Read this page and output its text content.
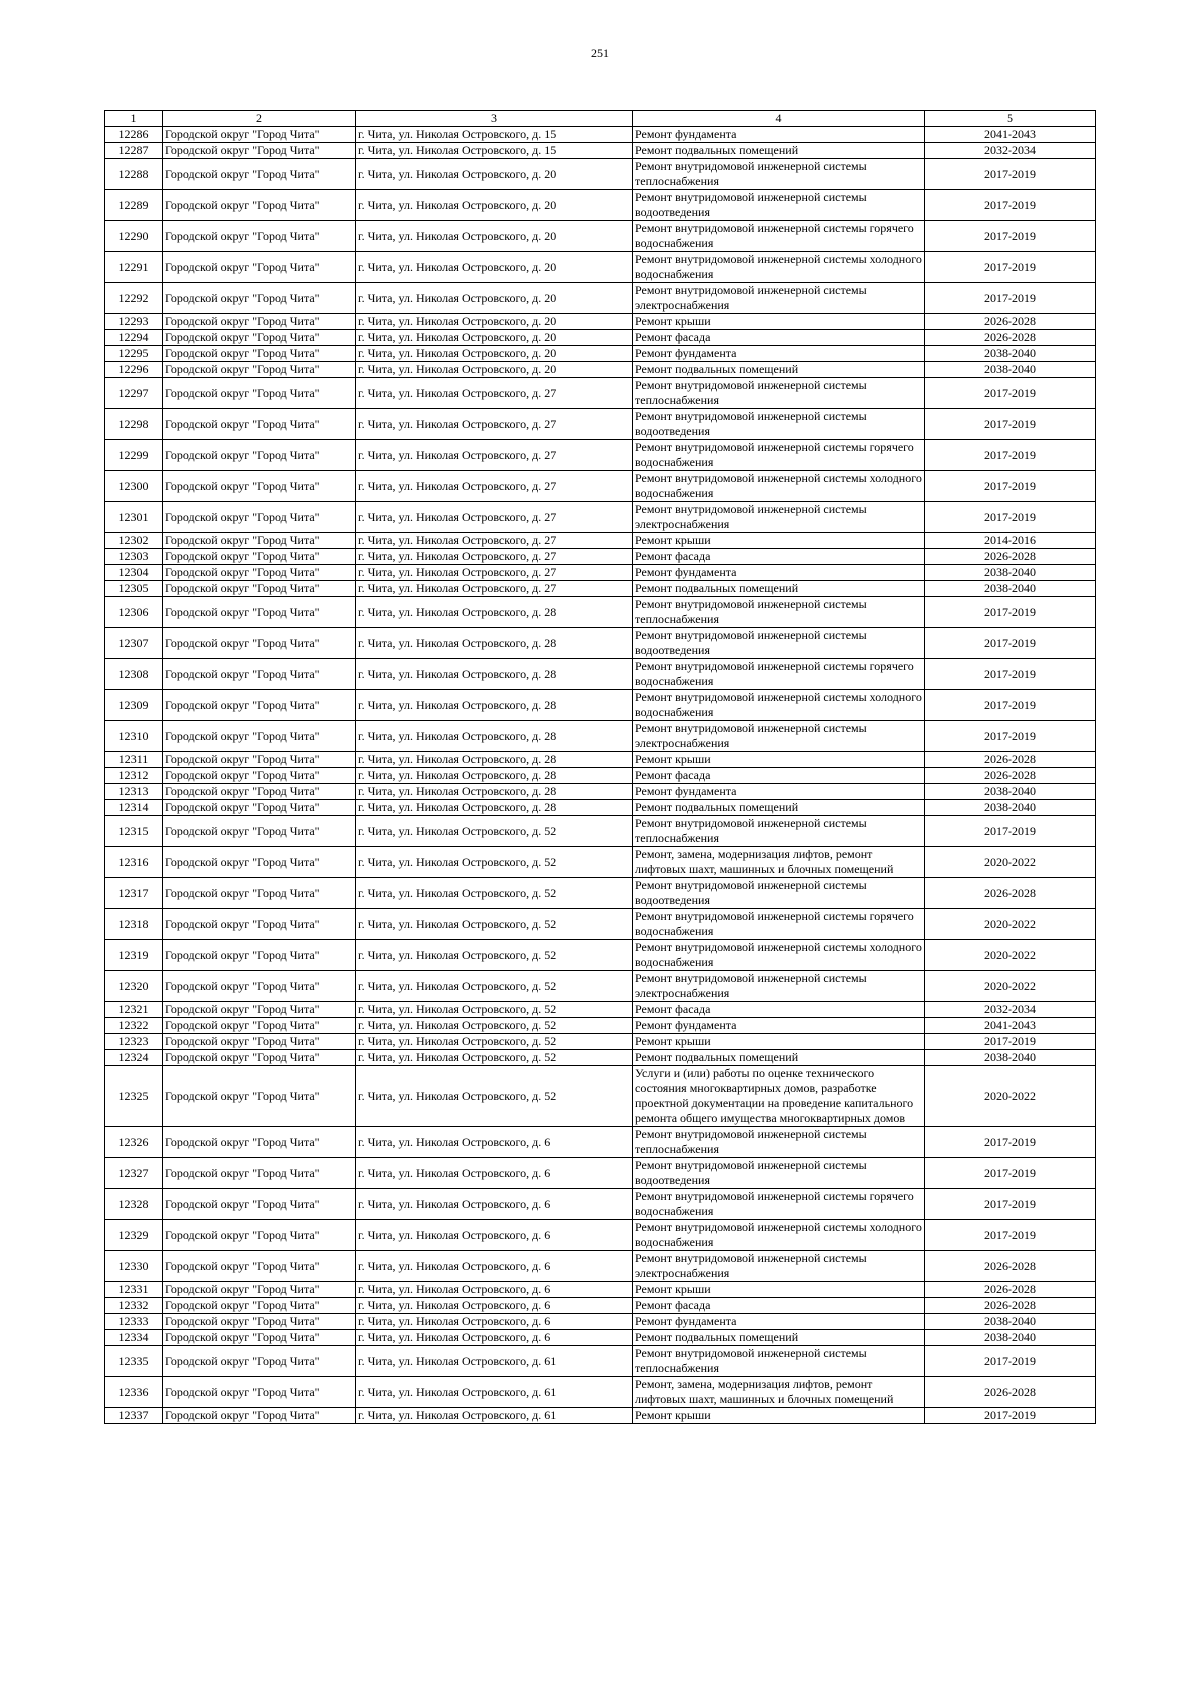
251
1	2	3	4	5
12286	Городской округ "Город Чита"	г. Чита, ул. Николая Островского, д. 15	Ремонт фундамента	2041-2043
12287	Городской округ "Город Чита"	г. Чита, ул. Николая Островского, д. 15	Ремонт подвальных помещений	2032-2034
12288	Городской округ "Город Чита"	г. Чита, ул. Николая Островского, д. 20	Ремонт внутридомовой инженерной системы теплоснабжения	2017-2019
12289	Городской округ "Город Чита"	г. Чита, ул. Николая Островского, д. 20	Ремонт внутридомовой инженерной системы водоотведения	2017-2019
12290	Городской округ "Город Чита"	г. Чита, ул. Николая Островского, д. 20	Ремонт внутридомовой инженерной системы горячего водоснабжения	2017-2019
12291	Городской округ "Город Чита"	г. Чита, ул. Николая Островского, д. 20	Ремонт внутридомовой инженерной системы холодного водоснабжения	2017-2019
12292	Городской округ "Город Чита"	г. Чита, ул. Николая Островского, д. 20	Ремонт внутридомовой инженерной системы электроснабжения	2017-2019
12293	Городской округ "Город Чита"	г. Чита, ул. Николая Островского, д. 20	Ремонт крыши	2026-2028
12294	Городской округ "Город Чита"	г. Чита, ул. Николая Островского, д. 20	Ремонт фасада	2026-2028
12295	Городской округ "Город Чита"	г. Чита, ул. Николая Островского, д. 20	Ремонт фундамента	2038-2040
12296	Городской округ "Город Чита"	г. Чита, ул. Николая Островского, д. 20	Ремонт подвальных помещений	2038-2040
12297	Городской округ "Город Чита"	г. Чита, ул. Николая Островского, д. 27	Ремонт внутридомовой инженерной системы теплоснабжения	2017-2019
12298	Городской округ "Город Чита"	г. Чита, ул. Николая Островского, д. 27	Ремонт внутридомовой инженерной системы водоотведения	2017-2019
12299	Городской округ "Город Чита"	г. Чита, ул. Николая Островского, д. 27	Ремонт внутридомовой инженерной системы горячего водоснабжения	2017-2019
12300	Городской округ "Город Чита"	г. Чита, ул. Николая Островского, д. 27	Ремонт внутридомовой инженерной системы холодного водоснабжения	2017-2019
12301	Городской округ "Город Чита"	г. Чита, ул. Николая Островского, д. 27	Ремонт внутридомовой инженерной системы электроснабжения	2017-2019
12302	Городской округ "Город Чита"	г. Чита, ул. Николая Островского, д. 27	Ремонт крыши	2014-2016
12303	Городской округ "Город Чита"	г. Чита, ул. Николая Островского, д. 27	Ремонт фасада	2026-2028
12304	Городской округ "Город Чита"	г. Чита, ул. Николая Островского, д. 27	Ремонт фундамента	2038-2040
12305	Городской округ "Город Чита"	г. Чита, ул. Николая Островского, д. 27	Ремонт подвальных помещений	2038-2040
12306	Городской округ "Город Чита"	г. Чита, ул. Николая Островского, д. 28	Ремонт внутридомовой инженерной системы теплоснабжения	2017-2019
12307	Городской округ "Город Чита"	г. Чита, ул. Николая Островского, д. 28	Ремонт внутридомовой инженерной системы водоотведения	2017-2019
12308	Городской округ "Город Чита"	г. Чита, ул. Николая Островского, д. 28	Ремонт внутридомовой инженерной системы горячего водоснабжения	2017-2019
12309	Городской округ "Город Чита"	г. Чита, ул. Николая Островского, д. 28	Ремонт внутридомовой инженерной системы холодного водоснабжения	2017-2019
12310	Городской округ "Город Чита"	г. Чита, ул. Николая Островского, д. 28	Ремонт внутридомовой инженерной системы электроснабжения	2017-2019
12311	Городской округ "Город Чита"	г. Чита, ул. Николая Островского, д. 28	Ремонт крыши	2026-2028
12312	Городской округ "Город Чита"	г. Чита, ул. Николая Островского, д. 28	Ремонт фасада	2026-2028
12313	Городской округ "Город Чита"	г. Чита, ул. Николая Островского, д. 28	Ремонт фундамента	2038-2040
12314	Городской округ "Город Чита"	г. Чита, ул. Николая Островского, д. 28	Ремонт подвальных помещений	2038-2040
12315	Городской округ "Город Чита"	г. Чита, ул. Николая Островского, д. 52	Ремонт внутридомовой инженерной системы теплоснабжения	2017-2019
12316	Городской округ "Город Чита"	г. Чита, ул. Николая Островского, д. 52	Ремонт, замена, модернизация лифтов, ремонт лифтовых шахт, машинных и блочных помещений	2020-2022
12317	Городской округ "Город Чита"	г. Чита, ул. Николая Островского, д. 52	Ремонт внутридомовой инженерной системы водоотведения	2026-2028
12318	Городской округ "Город Чита"	г. Чита, ул. Николая Островского, д. 52	Ремонт внутридомовой инженерной системы горячего водоснабжения	2020-2022
12319	Городской округ "Город Чита"	г. Чита, ул. Николая Островского, д. 52	Ремонт внутридомовой инженерной системы холодного водоснабжения	2020-2022
12320	Городской округ "Город Чита"	г. Чита, ул. Николая Островского, д. 52	Ремонт внутридомовой инженерной системы электроснабжения	2020-2022
12321	Городской округ "Город Чита"	г. Чита, ул. Николая Островского, д. 52	Ремонт фасада	2032-2034
12322	Городской округ "Город Чита"	г. Чита, ул. Николая Островского, д. 52	Ремонт фундамента	2041-2043
12323	Городской округ "Город Чита"	г. Чита, ул. Николая Островского, д. 52	Ремонт крыши	2017-2019
12324	Городской округ "Город Чита"	г. Чита, ул. Николая Островского, д. 52	Ремонт подвальных помещений	2038-2040
12325	Городской округ "Город Чита"	г. Чита, ул. Николая Островского, д. 52	Услуги и (или) работы по оценке технического состояния многоквартирных домов, разработке проектной документации на проведение капитального ремонта общего имущества многоквартирных домов	2020-2022
12326	Городской округ "Город Чита"	г. Чита, ул. Николая Островского, д. 6	Ремонт внутридомовой инженерной системы теплоснабжения	2017-2019
12327	Городской округ "Город Чита"	г. Чита, ул. Николая Островского, д. 6	Ремонт внутридомовой инженерной системы водоотведения	2017-2019
12328	Городской округ "Город Чита"	г. Чита, ул. Николая Островского, д. 6	Ремонт внутридомовой инженерной системы горячего водоснабжения	2017-2019
12329	Городской округ "Город Чита"	г. Чита, ул. Николая Островского, д. 6	Ремонт внутридомовой инженерной системы холодного водоснабжения	2017-2019
12330	Городской округ "Город Чита"	г. Чита, ул. Николая Островского, д. 6	Ремонт внутридомовой инженерной системы электроснабжения	2026-2028
12331	Городской округ "Город Чита"	г. Чита, ул. Николая Островского, д. 6	Ремонт крыши	2026-2028
12332	Городской округ "Город Чита"	г. Чита, ул. Николая Островского, д. 6	Ремонт фасада	2026-2028
12333	Городской округ "Город Чита"	г. Чита, ул. Николая Островского, д. 6	Ремонт фундамента	2038-2040
12334	Городской округ "Город Чита"	г. Чита, ул. Николая Островского, д. 6	Ремонт подвальных помещений	2038-2040
12335	Городской округ "Город Чита"	г. Чита, ул. Николая Островского, д. 61	Ремонт внутридомовой инженерной системы теплоснабжения	2017-2019
12336	Городской округ "Город Чита"	г. Чита, ул. Николая Островского, д. 61	Ремонт, замена, модернизация лифтов, ремонт лифтовых шахт, машинных и блочных помещений	2026-2028
12337	Городской округ "Город Чита"	г. Чита, ул. Николая Островского, д. 61	Ремонт крыши	2017-2019
